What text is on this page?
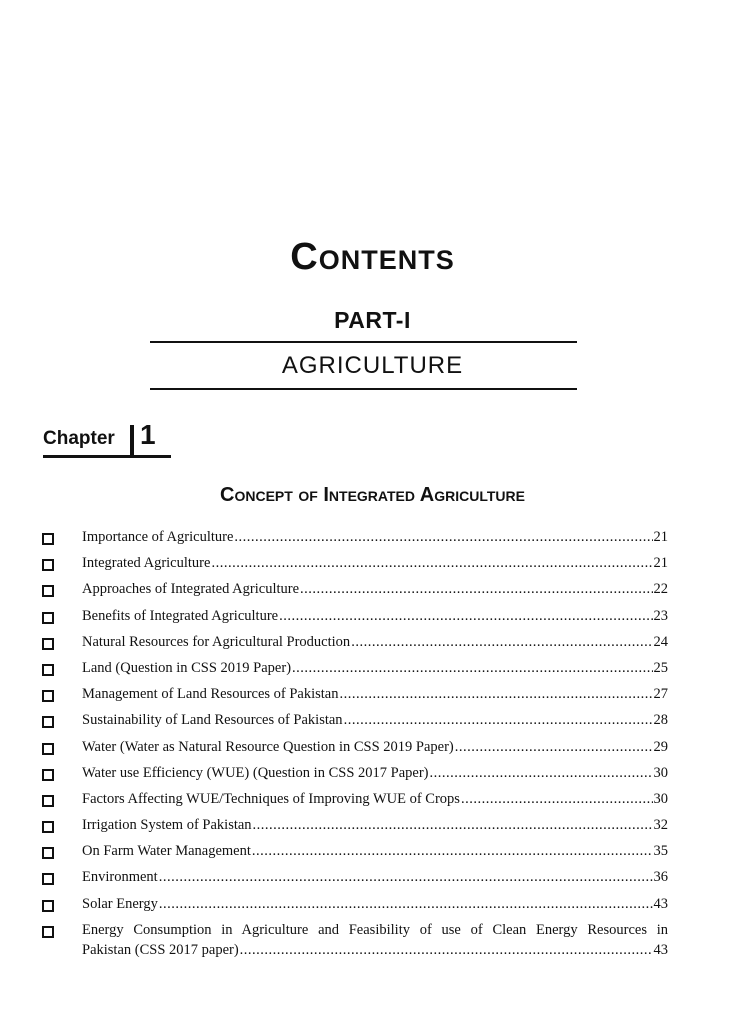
Contents
PART-I
AGRICULTURE
Chapter 1
Concept of Integrated Agriculture
Importance of Agriculture .....	21
Integrated Agriculture .....	21
Approaches of Integrated Agriculture .....	22
Benefits of Integrated Agriculture .....	23
Natural Resources for Agricultural Production .....	24
Land (Question in CSS 2019 Paper) .....	25
Management of Land Resources of Pakistan .....	27
Sustainability of Land Resources of Pakistan .....	28
Water (Water as Natural Resource Question in CSS 2019 Paper) .....	29
Water use Efficiency (WUE) (Question in CSS 2017 Paper) .....	30
Factors Affecting WUE/Techniques of Improving WUE of Crops .....	30
Irrigation System of Pakistan .....	32
On Farm Water Management .....	35
Environment .....	36
Solar Energy .....	43
Energy Consumption in Agriculture and Feasibility of use of Clean Energy Resources in
Pakistan (CSS 2017 paper) .....	43
